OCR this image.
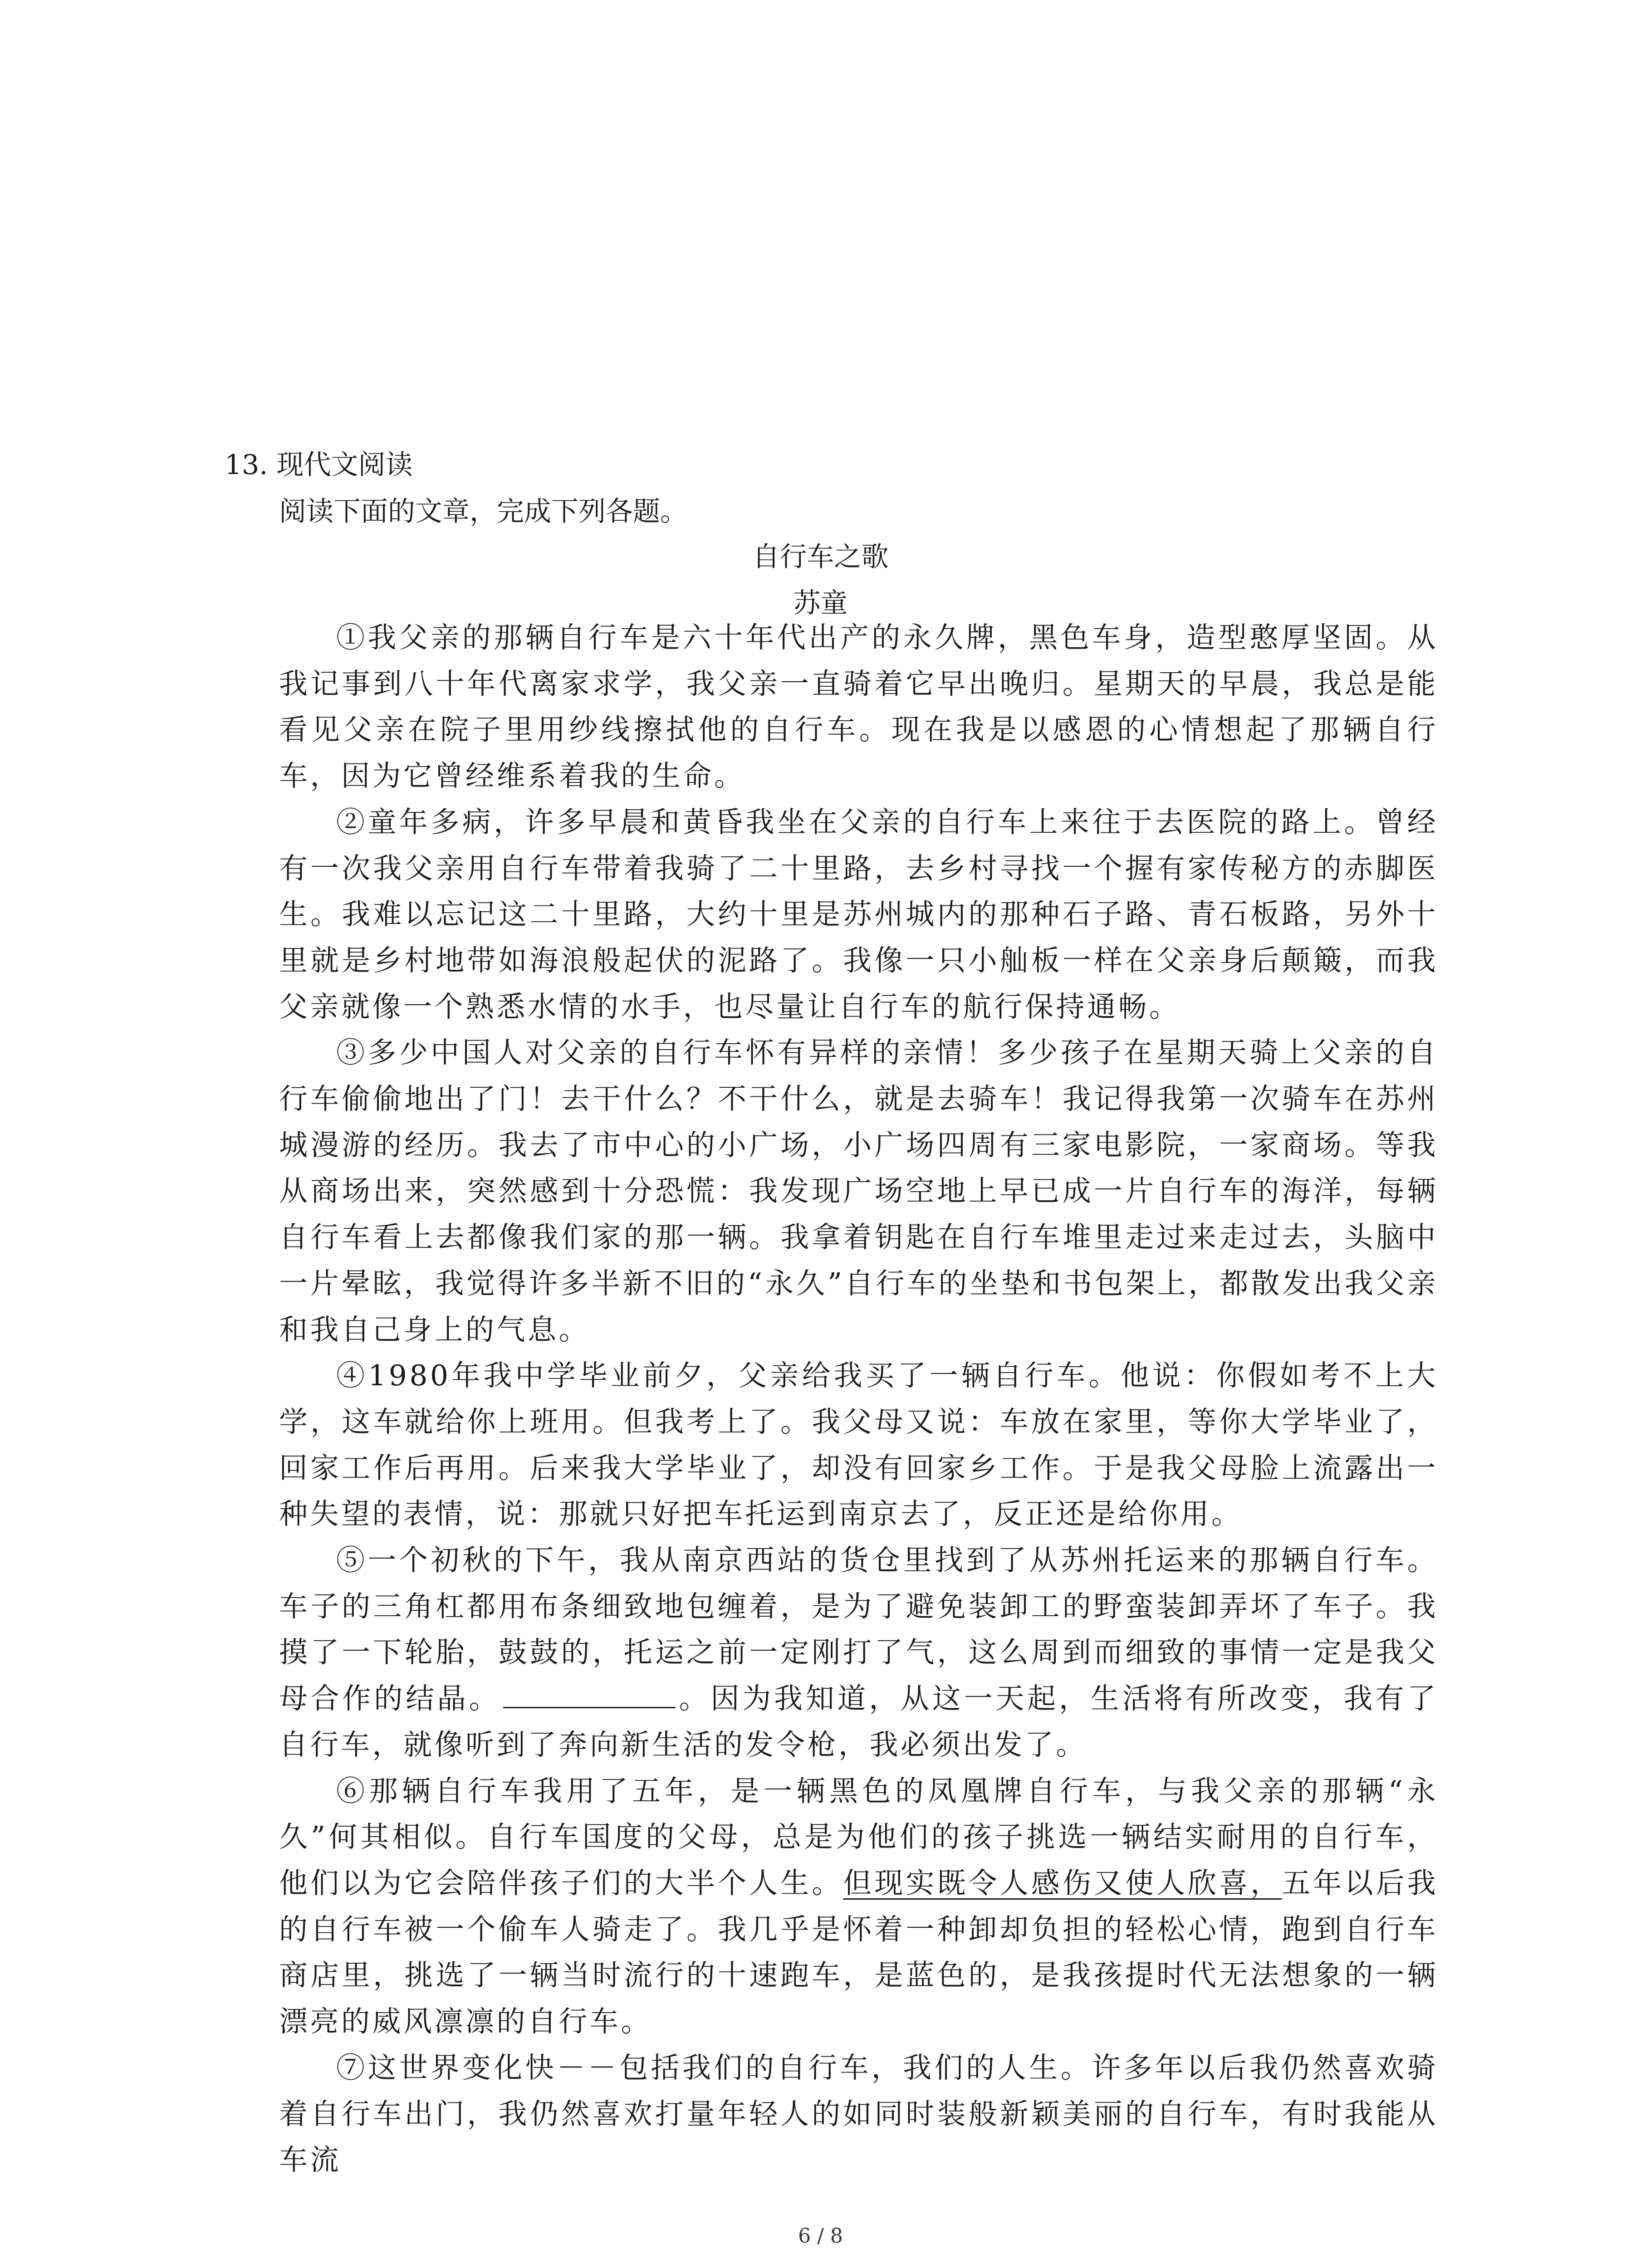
13. 现代文阅读
阅读下面的文章，完成下列各题。
自行车之歌
苏童

①我父亲的那辆自行车是六十年代出产的永久牌，黑色车身，造型憨厚坚固。从我记事到八十年代离家求学，我父亲一直骑着它早出晚归。星期天的早晨，我总是能看见父亲在院子里用纱线擦拭他的自行车。现在我是以感恩的心情想起了那辆自行车，因为它曾经维系着我的生命。

②童年多病，许多早晨和黄昏我坐在父亲的自行车上来往于去医院的路上。曾经有一次我父亲用自行车带着我骑了二十里路，去乡村寻找一个握有家传秘方的赤脚医生。我难以忘记这二十里路，大约十里是苏州城内的那种石子路、青石板路，另外十里就是乡村地带如海浪般起伏的泥路了。我像一只小舢板一样在父亲身后颠簸，而我父亲就像一个熟悉水情的水手，也尽量让自行车的航行保持通畅。

③多少中国人对父亲的自行车怀有异样的亲情！多少孩子在星期天骑上父亲的自行车偷偷地出了门！去干什么？不干什么，就是去骑车！我记得我第一次骑车在苏州城漫游的经历。我去了市中心的小广场，小广场四周有三家电影院，一家商场。等我从商场出来，突然感到十分恐慌：我发现广场空地上早已成一片自行车的海洋，每辆自行车看上去都像我们家的那一辆。我拿着钥匙在自行车堆里走过来走过去，头脑中一片晕眩，我觉得许多半新不旧的“永久”自行车的坐垫和书包架上，都散发出我父亲和我自己身上的气息。

④1980年我中学毕业前夕，父亲给我买了一辆自行车。他说：你假如考不上大学，这车就给你上班用。但我考上了。我父母又说：车放在家里，等你大学毕业了，回家工作后再用。后来我大学毕业了，却没有回家乡工作。于是我父母脸上流露出一种失望的表情，说：那就只好把车托运到南京去了，反正还是给你用。

⑤一个初秋的下午，我从南京西站的货仓里找到了从苏州托运来的那辆自行车。车子的三角杠都用布条细致地包缠着，是为了避免装卸工的野蛮装卸弄坏了车子。我摸了一下轮胎，鼓鼓的，托运之前一定刚打了气，这么周到而细致的事情一定是我父母合作的结晶。	。因为我知道，从这一天起，生活将有所改变，我有了自行车，就像听到了奔向新生活的发令枪，我必须出发了。

⑥那辆自行车我用了五年，是一辆黑色的凤凰牌自行车，与我父亲的那辆“永久”何其相似。自行车国度的父母，总是为他们的孩子挑选一辆结实耐用的自行车，他们以为它会陪伴孩子们的大半个人生。但现实既令人感伤又使人欣喜，五年以后我的自行车被一个偷车人骑走了。我几乎是怀着一种卸却负担的轻松心情，跑到自行车商店里，挑选了一辆当时流行的十速跑车，是蓝色的，是我孩提时代无法想象的一辆漂亮的威风凛凛的自行车。

⑦这世界变化快－－包括我们的自行车，我们的人生。许多年以后我仍然喜欢骑着自行车出门，我仍然喜欢打量年轻人的如同时装般新颖美丽的自行车，有时我能从车流

6 / 8
